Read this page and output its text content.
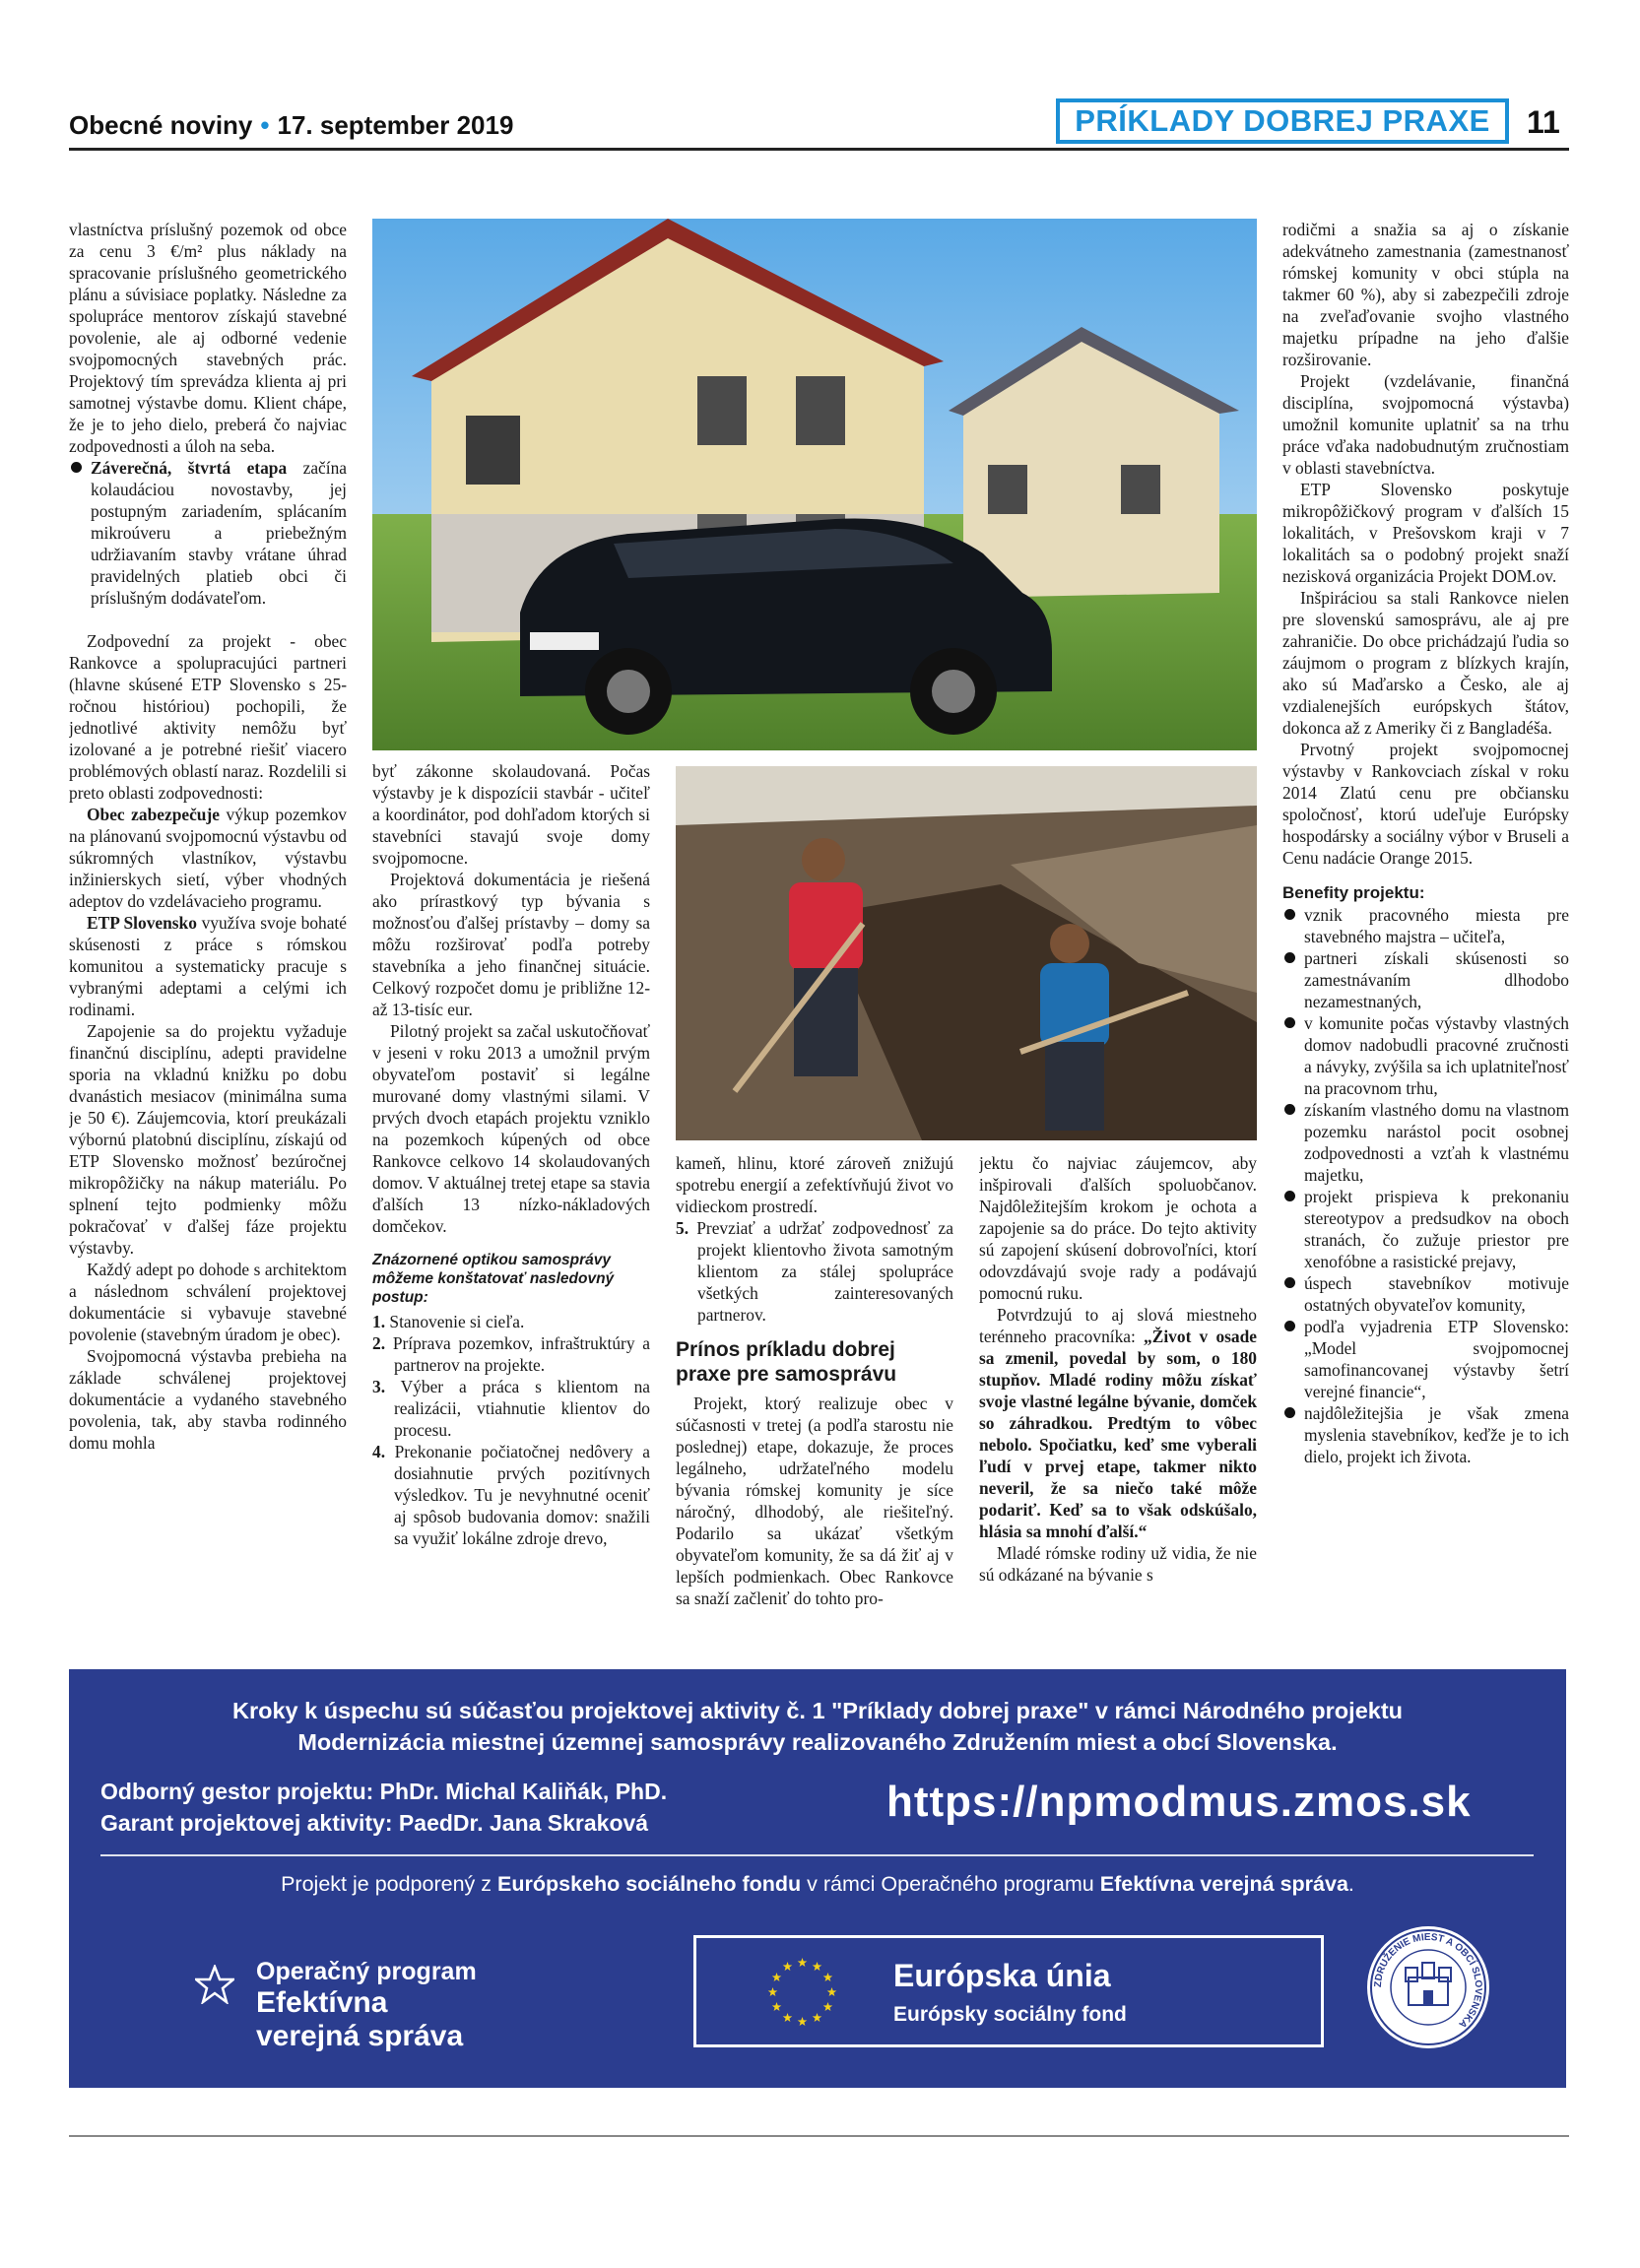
Obecné noviny • 17. september 2019	PRÍKLADY DOBREJ PRAXE	11

vlastníctva príslušný pozemok od obce za cenu 3 €/m² plus náklady na spracovanie príslušného geometrického plánu a súvisiace poplatky. Následne za spolupráce mentorov získajú stavebné povolenie, ale aj odborné vedenie svojpomocných stavebných prác. Projektový tím sprevádza klienta aj pri samotnej výstavbe domu. Klient chápe, že je to jeho dielo, preberá čo najviac zodpovednosti a úloh na seba.

Záverečná, štvrtá etapa začína kolaudáciou novostavby, jej postupným zariadením, splácaním mikroúveru a priebežným udržiavaním stavby vrátane úhrad pravidelných platieb obci či príslušným dodávateľom.

Zodpovední za projekt - obec Rankovce a spolupracujúci partneri (hlavne skúsené ETP Slovensko s 25-ročnou históriou) pochopili, že jednotlivé aktivity nemôžu byť izolované a je potrebné riešiť viacero problémových oblastí naraz. Rozdelili si preto oblasti zodpovednosti:

Obec zabezpečuje výkup pozemkov na plánovanú svojpomocnú výstavbu od súkromných vlastníkov, výstavbu inžinierskych sietí, výber vhodných adeptov do vzdelávacieho programu.

ETP Slovensko využíva svoje bohaté skúsenosti z práce s rómskou komunitou a systematicky pracuje s vybranými adeptami a celými ich rodinami.

Zapojenie sa do projektu vyžaduje finančnú disciplínu, adepti pravidelne sporia na vkladnú knižku po dobu dvanástich mesiacov (minimálna suma je 50 €). Záujemcovia, ktorí preukázali výbornú platobnú disciplínu, získajú od ETP Slovensko možnosť bezúročnej mikropôžičky na nákup materiálu. Po splnení tejto podmienky môžu pokračovať v ďalšej fáze projektu výstavby.

Každý adept po dohode s architektom a následnom schválení projektovej dokumentácie si vybavuje stavebné povolenie (stavebným úradom je obec).

Svojpomocná výstavba prebieha na základe schválenej projektovej dokumentácie a vydaného stavebného povolenia, tak, aby stavba rodinného domu mohla

byť zákonne skolaudovaná. Počas výstavby je k dispozícii stavbár - učiteľ a koordinátor, pod dohľadom ktorých si stavebníci stavajú svoje domy svojpomocne.

Projektová dokumentácia je riešená ako prírastkový typ bývania s možnosťou ďalšej prístavby – domy sa môžu rozširovať podľa potreby stavebníka a jeho finančnej situácie. Celkový rozpočet domu je približne 12- až 13-tisíc eur.

Pilotný projekt sa začal uskutočňovať v jeseni v roku 2013 a umožnil prvým obyvateľom postaviť si legálne murované domy vlastnými silami. V prvých dvoch etapách projektu vzniklo na pozemkoch kúpených od obce Rankovce celkovo 14 skolaudovaných domov. V aktuálnej tretej etape sa stavia ďalších 13 nízko-nákladových domčekov.

Znázornené optikou samosprávy môžeme konštatovať nasledovný postup:

1. Stanovenie si cieľa.

2. Príprava pozemkov, infraštruktúry a partnerov na projekte.

3. Výber a práca s klientom na realizácii, vtiahnutie klientov do procesu.

4. Prekonanie počiatočnej nedôvery a dosiahnutie prvých pozitívnych výsledkov. Tu je nevyhnutné oceniť aj spôsob budovania domov: snažili sa využiť lokálne zdroje drevo,

kameň, hlinu, ktoré zároveň znižujú spotrebu energií a zefektívňujú život vo vidieckom prostredí.

5. Prevziať a udržať zodpovednosť za projekt klientovho života samotným klientom za stálej spolupráce všetkých zainteresovaných partnerov.

Prínos príkladu dobrej praxe pre samosprávu

Projekt, ktorý realizuje obec v súčasnosti v tretej (a podľa starostu nie poslednej) etape, dokazuje, že proces legálneho, udržateľného modelu bývania rómskej komunity je síce náročný, dlhodobý, ale riešiteľný. Podarilo sa ukázať všetkým obyvateľom komunity, že sa dá žiť aj v lepších podmienkach. Obec Rankovce sa snaží začleniť do tohto pro-

jektu čo najviac záujemcov, aby inšpirovali ďalších spoluobčanov. Najdôležitejším krokom je ochota a zapojenie sa do práce. Do tejto aktivity sú zapojení skúsení dobrovoľníci, ktorí odovzdávajú svoje rady a podávajú pomocnú ruku.

Potvrdzujú to aj slová miestneho terénneho pracovníka: „Život v osade sa zmenil, povedal by som, o 180 stupňov. Mladé rodiny môžu získať svoje vlastné legálne bývanie, domček so záhradkou. Predtým to vôbec nebolo. Spočiatku, keď sme vyberali ľudí v prvej etape, takmer nikto neveril, že sa niečo také môže podariť. Keď sa to však odskúšalo, hlásia sa mnohí ďalší.“

Mladé rómske rodiny už vidia, že nie sú odkázané na bývanie s

rodičmi a snažia sa aj o získanie adekvátneho zamestnania (zamestnanosť rómskej komunity v obci stúpla na takmer 60 %), aby si zabezpečili zdroje na zveľaďovanie svojho vlastného majetku prípadne na jeho ďalšie rozširovanie.

Projekt (vzdelávanie, finančná disciplína, svojpomocná výstavba) umožnil komunite uplatniť sa na trhu práce vďaka nadobudnutým zručnostiam v oblasti stavebníctva.

ETP Slovensko poskytuje mikropôžičkový program v ďalších 15 lokalitách, v Prešovskom kraji v 7 lokalitách sa o podobný projekt snaží nezisková organizácia Projekt DOM.ov.

Inšpiráciou sa stali Rankovce nielen pre slovenskú samosprávu, ale aj pre zahraničie. Do obce prichádzajú ľudia so záujmom o program z blízkych krajín, ako sú Maďarsko a Česko, ale aj vzdialenejších európskych štátov, dokonca až z Ameriky či z Bangladéša.

Prvotný projekt svojpomocnej výstavby v Rankovciach získal v roku 2014 Zlatú cenu pre občiansku spoločnosť, ktorú udeľuje Európsky hospodársky a sociálny výbor v Bruseli a Cenu nadácie Orange 2015.

Benefity projektu:

vznik pracovného miesta pre stavebného majstra – učiteľa,

partneri získali skúsenosti so zamestnávaním dlhodobo nezamestnaných,

v komunite počas výstavby vlastných domov nadobudli pracovné zručnosti a návyky, zvýšila sa ich uplatniteľnosť na pracovnom trhu,

získaním vlastného domu na vlastnom pozemku narástol pocit osobnej zodpovednosti a vzťah k vlastnému majetku,

projekt prispieva k prekonaniu stereotypov a predsudkov na oboch stranách, čo zužuje priestor pre xenofóbne a rasistické prejavy,

úspech stavebníkov motivuje ostatných obyvateľov komunity,

podľa vyjadrenia ETP Slovensko: „Model svojpomocnej samofinancovanej výstavby šetrí verejné financie“,

najdôležitejšia je však zmena myslenia stavebníkov, keďže je to ich dielo, projekt ich života.

Kroky k úspechu sú súčasťou projektovej aktivity č. 1 "Príklady dobrej praxe" v rámci Národného projektu
Modernizácia miestnej územnej samosprávy realizovaného Združením miest a obcí Slovenska.
Odborný gestor projektu: PhDr. Michal Kaliňák, PhD.
Garant projektovej aktivity: PaedDr. Jana Skraková	https://npmodmus.zmos.sk
Projekt je podporený z Európskeho sociálneho fondu v rámci Operačného programu Efektívna verejná správa.
Operačný program
Efektívna
verejná správa
Európska únia
Európsky sociálny fond
ZDRUŽENIE MIEST A OBCÍ SLOVENSKA
